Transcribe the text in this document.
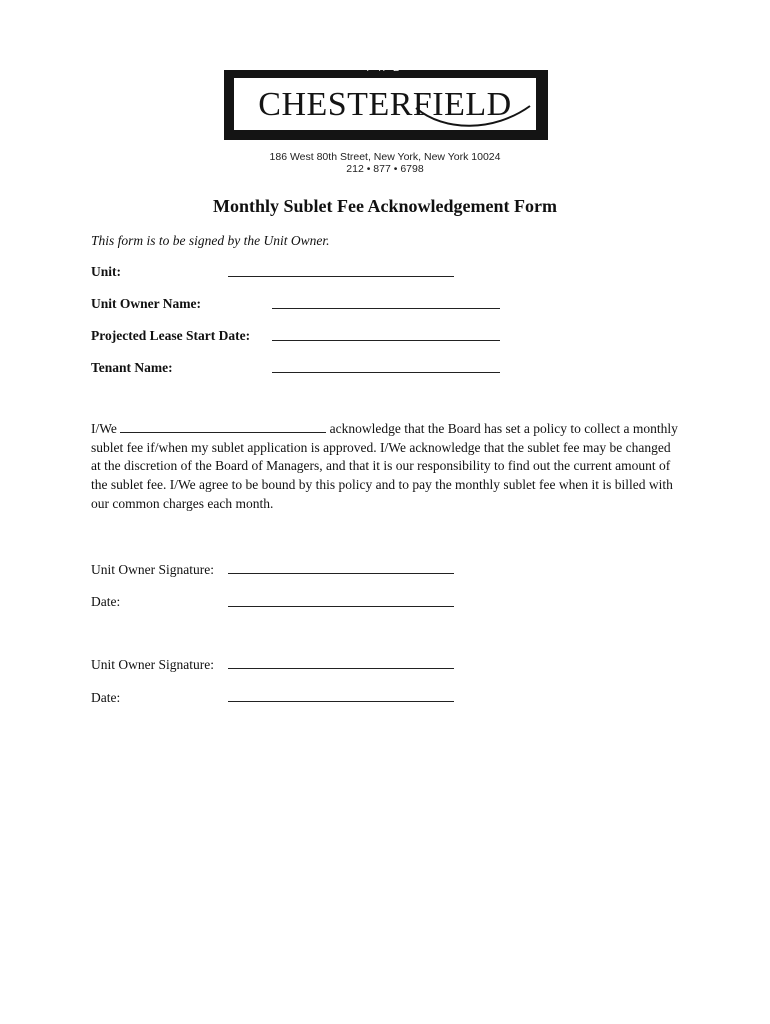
THE
CHESTERFIELD
186 West 80th Street, New York, New York 10024
212 • 877 • 6798
Monthly Sublet Fee Acknowledgement Form
This form is to be signed by the Unit Owner.
Unit:
Unit Owner Name:
Projected Lease Start Date:
Tenant Name:
I/We	acknowledge that the Board has set a policy to collect a monthly sublet fee if/when my sublet application is approved. I/We acknowledge that the sublet fee may be changed at the discretion of the Board of Managers, and that it is our responsibility to find out the current amount of the sublet fee. I/We agree to be bound by this policy and to pay the monthly sublet fee when it is billed with our common charges each month.
Unit Owner Signature:
Date:
Unit Owner Signature:
Date:
